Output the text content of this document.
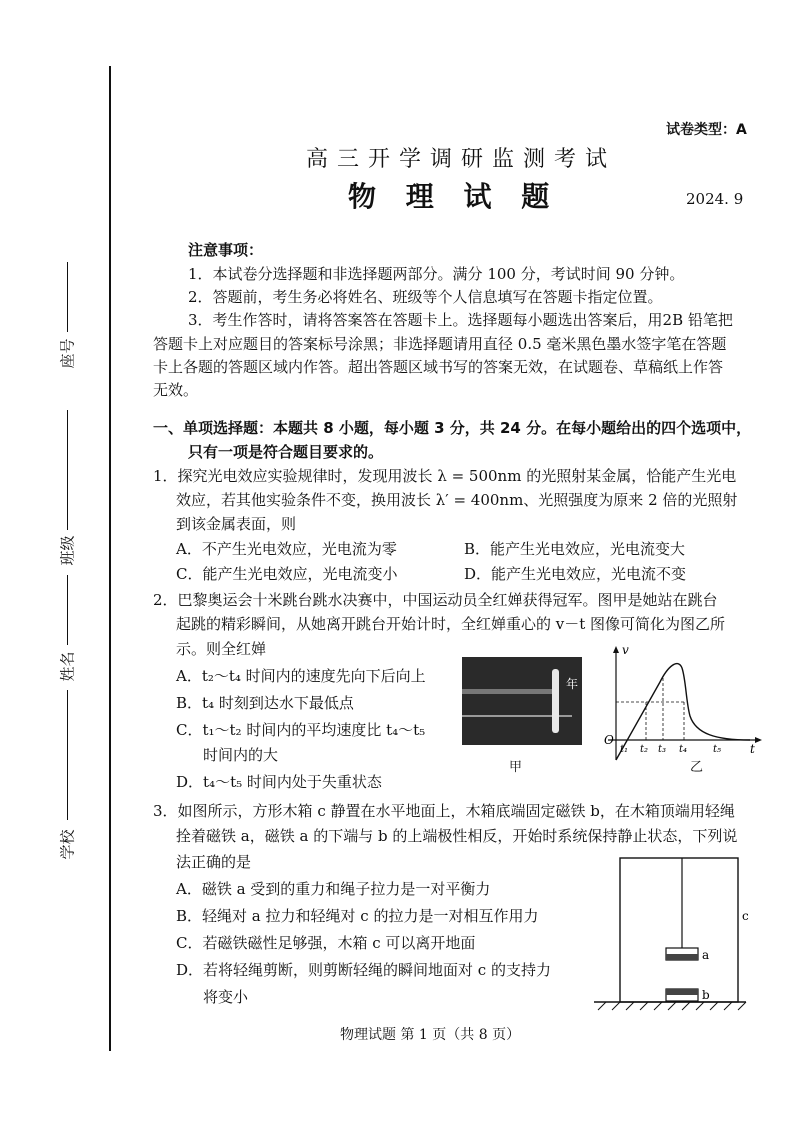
座号
班级
姓名
学校
试卷类型：A
高 三 开 学 调 研 监 测 考 试
物 理 试 题	2024. 9
注意事项：
1．本试卷分选择题和非选择题两部分。满分 100 分，考试时间 90 分钟。
2．答题前，考生务必将姓名、班级等个人信息填写在答题卡指定位置。
3．考生作答时，请将答案答在答题卡上。选择题每小题选出答案后，用2B 铅笔把
答题卡上对应题目的答案标号涂黑；非选择题请用直径 0.5 毫米黑色墨水签字笔在答题
卡上各题的答题区域内作答。超出答题区域书写的答案无效，在试题卷、草稿纸上作答
无效。
一、单项选择题：本题共 8 小题，每小题 3 分，共 24 分。在每小题给出的四个选项中，
只有一项是符合题目要求的。
1．探究光电效应实验规律时，发现用波长 λ = 500nm 的光照射某金属，恰能产生光电
效应，若其他实验条件不变，换用波长 λ′ = 400nm、光照强度为原来 2 倍的光照射
到该金属表面，则
A．不产生光电效应，光电流为零	B．能产生光电效应，光电流变大
C．能产生光电效应，光电流变小	D．能产生光电效应，光电流不变
2．巴黎奥运会十米跳台跳水决赛中，中国运动员全红婵获得冠军。图甲是她站在跳台
起跳的精彩瞬间，从她离开跳台开始计时，全红婵重心的 v－t 图像可简化为图乙所
示。则全红婵
A．t₂～t₄ 时间内的速度先向下后向上
B．t₄ 时刻到达水下最低点
C．t₁～t₂ 时间内的平均速度比 t₄～t₅
时间内的大
D．t₄～t₅ 时间内处于失重状态
年
甲
v
t
O
t₁ t₂ t₃ t₄	t₅
乙
3．如图所示，方形木箱 c 静置在水平地面上，木箱底端固定磁铁 b，在木箱顶端用轻绳
拴着磁铁 a，磁铁 a 的下端与 b 的上端极性相反，开始时系统保持静止状态，下列说
法正确的是
A．磁铁 a 受到的重力和绳子拉力是一对平衡力
B．轻绳对 a 拉力和轻绳对 c 的拉力是一对相互作用力
C．若磁铁磁性足够强，木箱 c 可以离开地面
D．若将轻绳剪断，则剪断轻绳的瞬间地面对 c 的支持力
将变小
a
b
c
物理试题 第 1 页（共 8 页）
